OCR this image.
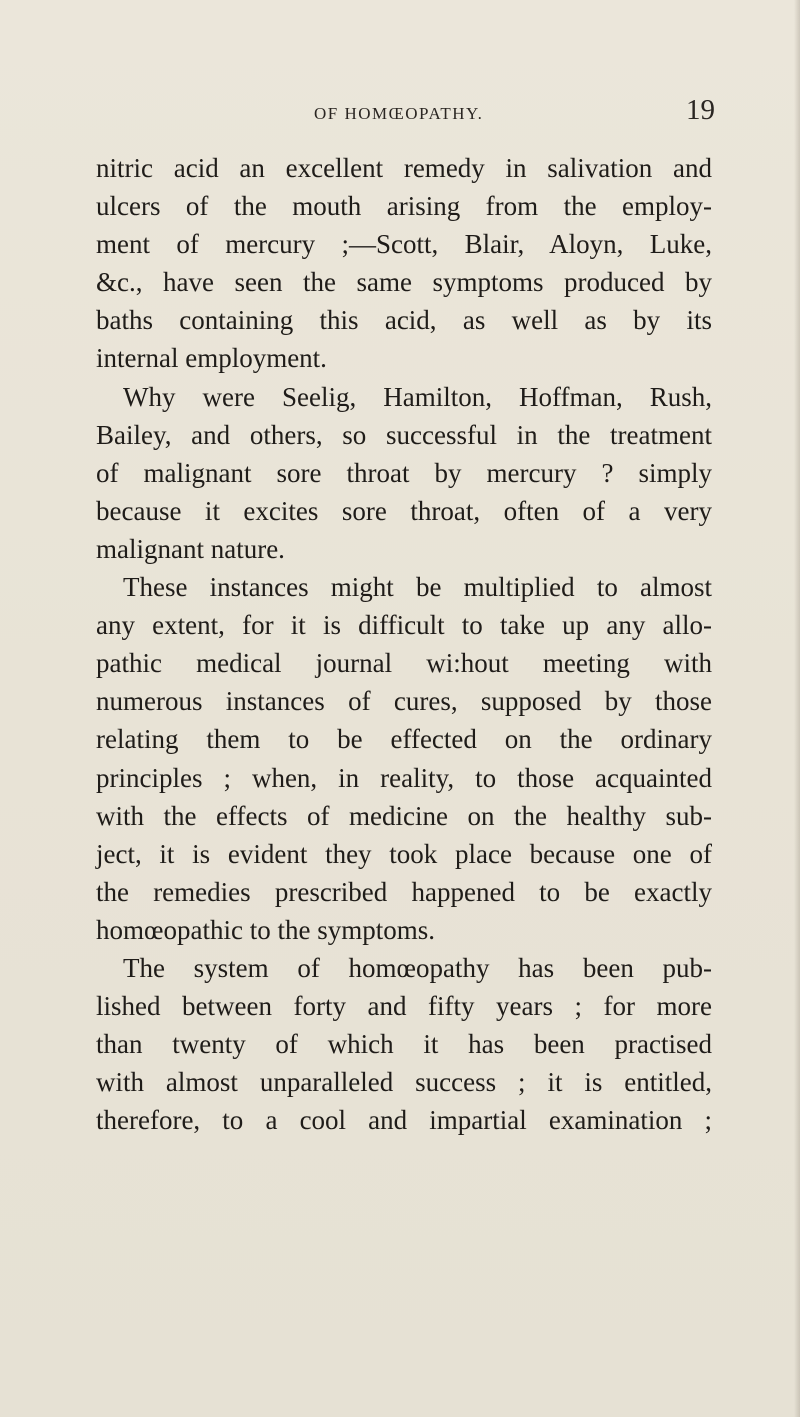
OF HOMŒOPATHY.	19
nitric acid an excellent remedy in salivation and
ulcers of the mouth arising from the employ-
ment of mercury ;—Scott, Blair, Aloyn, Luke,
&c., have seen the same symptoms produced by
baths containing this acid, as well as by its
internal employment.
Why were Seelig, Hamilton, Hoffman, Rush,
Bailey, and others, so successful in the treatment
of malignant sore throat by mercury ? simply
because it excites sore throat, often of a very
malignant nature.
These instances might be multiplied to almost
any extent, for it is difficult to take up any allo-
pathic medical journal wi:hout meeting with
numerous instances of cures, supposed by those
relating them to be effected on the ordinary
principles ; when, in reality, to those acquainted
with the effects of medicine on the healthy sub-
ject, it is evident they took place because one of
the remedies prescribed happened to be exactly
homœopathic to the symptoms.
The system of homœopathy has been pub-
lished between forty and fifty years ; for more
than twenty of which it has been practised
with almost unparalleled success ; it is entitled,
therefore, to a cool and impartial examination ;
